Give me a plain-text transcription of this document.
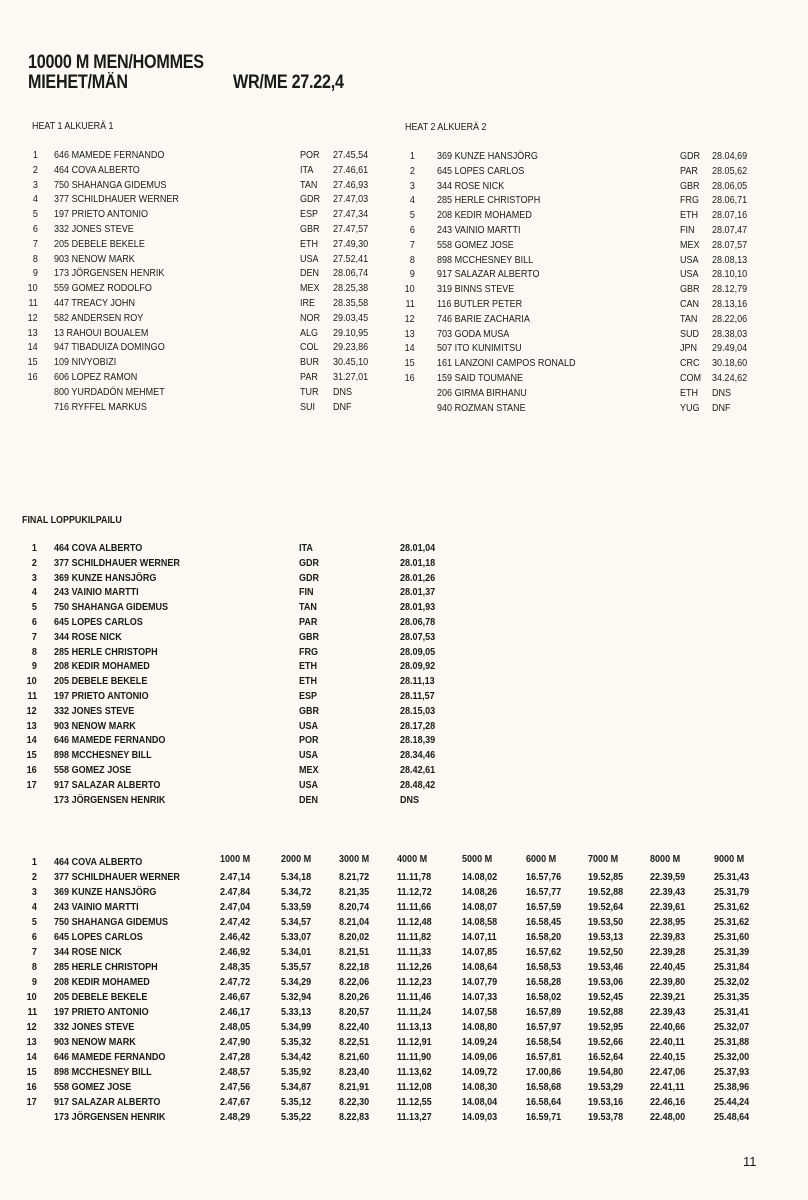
10000 M MEN/HOMMES
MIEHET/MÄN	WR/ME 27.22,4
HEAT 1 ALKUERÄ 1	HEAT 2 ALKUERÄ 2
1 646 MAMEDE FERNANDO	POR 27.45,54
2 464 COVA ALBERTO	ITA 27.46,61
3 750 SHAHANGA GIDEMUS	TAN 27.46,93
4 377 SCHILDHAUER WERNER	GDR 27.47,03
5 197 PRIETO ANTONIO	ESP 27.47,34
6 332 JONES STEVE	GBR 27.47,57
7 205 DEBELE BEKELE	ETH 27.49,30
8 903 NENOW MARK	USA 27.52,41
9 173 JÖRGENSEN HENRIK	DEN 28.06,74
10 559 GOMEZ RODOLFO	MEX 28.25,38
11 447 TREACY JOHN	IRE 28.35,58
12 582 ANDERSEN ROY	NOR 29.03,45
13 13 RAHOUI BOUALEM	ALG 29.10,95
14 947 TIBADUIZA DOMINGO	COL 29.23,86
15 109 NIVYOBIZI	BUR 30.45,10
16 606 LOPEZ RAMON	PAR 31.27,01
800 YURDADÖN MEHMET	TUR DNS
716 RYFFEL MARKUS	SUI DNF
1 369 KUNZE HANSJÖRG	GDR 28.04,69
2 645 LOPES CARLOS	PAR 28.05,62
3 344 ROSE NICK	GBR 28.06,05
4 285 HERLE CHRISTOPH	FRG 28.06,71
5 208 KEDIR MOHAMED	ETH 28.07,16
6 243 VAINIO MARTTI	FIN 28.07,47
7 558 GOMEZ JOSE	MEX 28.07,57
8 898 MCCHESNEY BILL	USA 28.08,13
9 917 SALAZAR ALBERTO	USA 28.10,10
10 319 BINNS STEVE	GBR 28.12,79
11 116 BUTLER PETER	CAN 28.13,16
12 746 BARIE ZACHARIA	TAN 28.22,06
13 703 GODA MUSA	SUD 28.38,03
14 507 ITO KUNIMITSU	JPN 29.49,04
15 161 LANZONI CAMPOS RONALD	CRC 30.18,60
16 159 SAID TOUMANE	COM 34.24,62
206 GIRMA BIRHANU	ETH DNS
940 ROZMAN STANE	YUG DNF
FINAL LOPPUKILPAILU
1 464 COVA ALBERTO	ITA	28.01,04
2 377 SCHILDHAUER WERNER	GDR	28.01,18
3 369 KUNZE HANSJÖRG	GDR	28.01,26
4 243 VAINIO MARTTI	FIN	28.01,37
5 750 SHAHANGA GIDEMUS	TAN	28.01,93
6 645 LOPES CARLOS	PAR	28.06,78
7 344 ROSE NICK	GBR	28.07,53
8 285 HERLE CHRISTOPH	FRG	28.09,05
9 208 KEDIR MOHAMED	ETH	28.09,92
10 205 DEBELE BEKELE	ETH	28.11,13
11 197 PRIETO ANTONIO	ESP	28.11,57
12 332 JONES STEVE	GBR	28.15,03
13 903 NENOW MARK	USA	28.17,28
14 646 MAMEDE FERNANDO	POR	28.18,39
15 898 MCCHESNEY BILL	USA	28.34,46
16 558 GOMEZ JOSE	MEX	28.42,61
17 917 SALAZAR ALBERTO	USA	28.48,42
173 JÖRGENSEN HENRIK	DEN	DNS
1000 M	2000 M	3000 M	4000 M	5000 M	6000 M	7000 M	8000 M	9000 M
1 464 COVA ALBERTO
2 377 SCHILDHAUER WERNER	2.47,14	5.34,18	8.21,72	11.11,78	14.08,02	16.57,76	19.52,85	22.39,59	25.31,43
3 369 KUNZE HANSJÖRG	2.47,84	5.34,72	8.21,35	11.12,72	14.08,26	16.57,77	19.52,88	22.39,43	25.31,79
4 243 VAINIO MARTTI	2.47,04	5.33,59	8.20,74	11.11,66	14.08,07	16.57,59	19.52,64	22.39,61	25.31,62
5 750 SHAHANGA GIDEMUS	2.47,42	5.34,57	8.21,04	11.12,48	14.08,58	16.58,45	19.53,50	22.38,95	25.31,62
6 645 LOPES CARLOS	2.46,42	5.33,07	8.20,02	11.11,82	14.07,11	16.58,20	19.53,13	22.39,83	25.31,60
7 344 ROSE NICK	2.46,92	5.34,01	8.21,51	11.11,33	14.07,85	16.57,62	19.52,50	22.39,28	25.31,39
8 285 HERLE CHRISTOPH	2.48,35	5.35,57	8.22,18	11.12,26	14.08,64	16.58,53	19.53,46	22.40,45	25.31,84
9 208 KEDIR MOHAMED	2.47,72	5.34,29	8.22,06	11.12,23	14.07,79	16.58,28	19.53,06	22.39,80	25.32,02
10 205 DEBELE BEKELE	2.46,67	5.32,94	8.20,26	11.11,46	14.07,33	16.58,02	19.52,45	22.39,21	25.31,35
11 197 PRIETO ANTONIO	2.46,17	5.33,13	8.20,57	11.11,24	14.07,58	16.57,89	19.52,88	22.39,43	25.31,41
12 332 JONES STEVE	2.48,05	5.34,99	8.22,40	11.13,13	14.08,80	16.57,97	19.52,95	22.40,66	25.32,07
13 903 NENOW MARK	2.47,90	5.35,32	8.22,51	11.12,91	14.09,24	16.58,54	19.52,66	22.40,11	25.31,88
14 646 MAMEDE FERNANDO	2.47,28	5.34,42	8.21,60	11.11,90	14.09,06	16.57,81	16.52,64	22.40,15	25.32,00
15 898 MCCHESNEY BILL	2.48,57	5.35,92	8.23,40	11.13,62	14.09,72	17.00,86	19.54,80	22.47,06	25.37,93
16 558 GOMEZ JOSE	2.47,56	5.34,87	8.21,91	11.12,08	14.08,30	16.58,68	19.53,29	22.41,11	25.38,96
17 917 SALAZAR ALBERTO	2.47,67	5.35,12	8.22,30	11.12,55	14.08,04	16.58,64	19.53,16	22.46,16	25.44,24
173 JÖRGENSEN HENRIK	2.48,29	5.35,22	8.22,83	11.13,27	14.09,03	16.59,71	19.53,78	22.48,00	25.48,64
11
